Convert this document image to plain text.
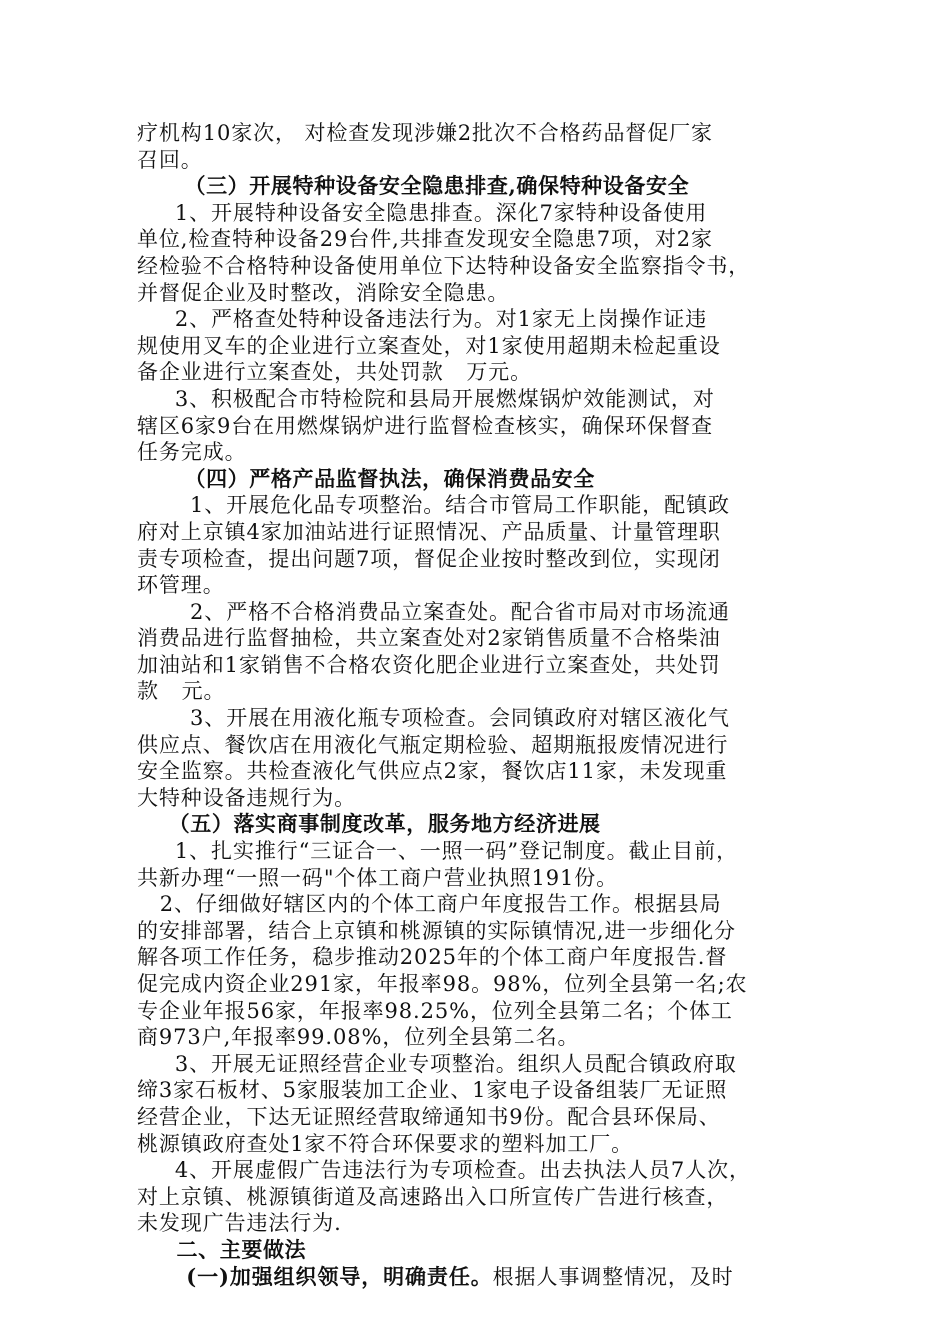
疗机构10家次， 对检查发现涉嫌2批次不合格药品督促厂家
召回。
（三）开展特种设备安全隐患排查,确保特种设备安全
1、开展特种设备安全隐患排查。深化7家特种设备使用
单位,检查特种设备29台件,共排查发现安全隐患7项，对2家
经检验不合格特种设备使用单位下达特种设备安全监察指令书，
并督促企业及时整改，消除安全隐患。
2、严格查处特种设备违法行为。对1家无上岗操作证违
规使用叉车的企业进行立案查处，对1家使用超期未检起重设
备企业进行立案查处，共处罚款   万元。
3、积极配合市特检院和县局开展燃煤锅炉效能测试，对
辖区6家9台在用燃煤锅炉进行监督检查核实，确保环保督查
任务完成。
（四）严格产品监督执法，确保消费品安全
1、开展危化品专项整治。结合市管局工作职能，配镇政
府对上京镇4家加油站进行证照情况、产品质量、计量管理职
责专项检查，提出问题7项，督促企业按时整改到位，实现闭
环管理。
2、严格不合格消费品立案查处。配合省市局对市场流通
消费品进行监督抽检，共立案查处对2家销售质量不合格柴油
加油站和1家销售不合格农资化肥企业进行立案查处，共处罚
款   元。
3、开展在用液化瓶专项检查。会同镇政府对辖区液化气
供应点、餐饮店在用液化气瓶定期检验、超期瓶报废情况进行
安全监察。共检查液化气供应点2家，餐饮店11家，未发现重
大特种设备违规行为。
（五）落实商事制度改革，服务地方经济进展
1、扎实推行“三证合一、一照一码”登记制度。截止目前，
共新办理“一照一码"个体工商户营业执照191份。
2、仔细做好辖区内的个体工商户年度报告工作。根据县局
的安排部署，结合上京镇和桃源镇的实际镇情况,进一步细化分
解各项工作任务，稳步推动2025年的个体工商户年度报告.督
促完成内资企业291家，年报率98。98%，位列全县第一名;农
专企业年报56家，年报率98.25%，位列全县第二名；个体工
商973户,年报率99.08%，位列全县第二名。
3、开展无证照经营企业专项整治。组织人员配合镇政府取
缔3家石板材、5家服装加工企业、1家电子设备组装厂无证照
经营企业，下达无证照经营取缔通知书9份。配合县环保局、
桃源镇政府查处1家不符合环保要求的塑料加工厂。
4、开展虚假广告违法行为专项检查。出去执法人员7人次，
对上京镇、桃源镇街道及高速路出入口所宣传广告进行核查，
未发现广告违法行为.
二、主要做法
(一)加强组织领导，明确责任。根据人事调整情况，及时
